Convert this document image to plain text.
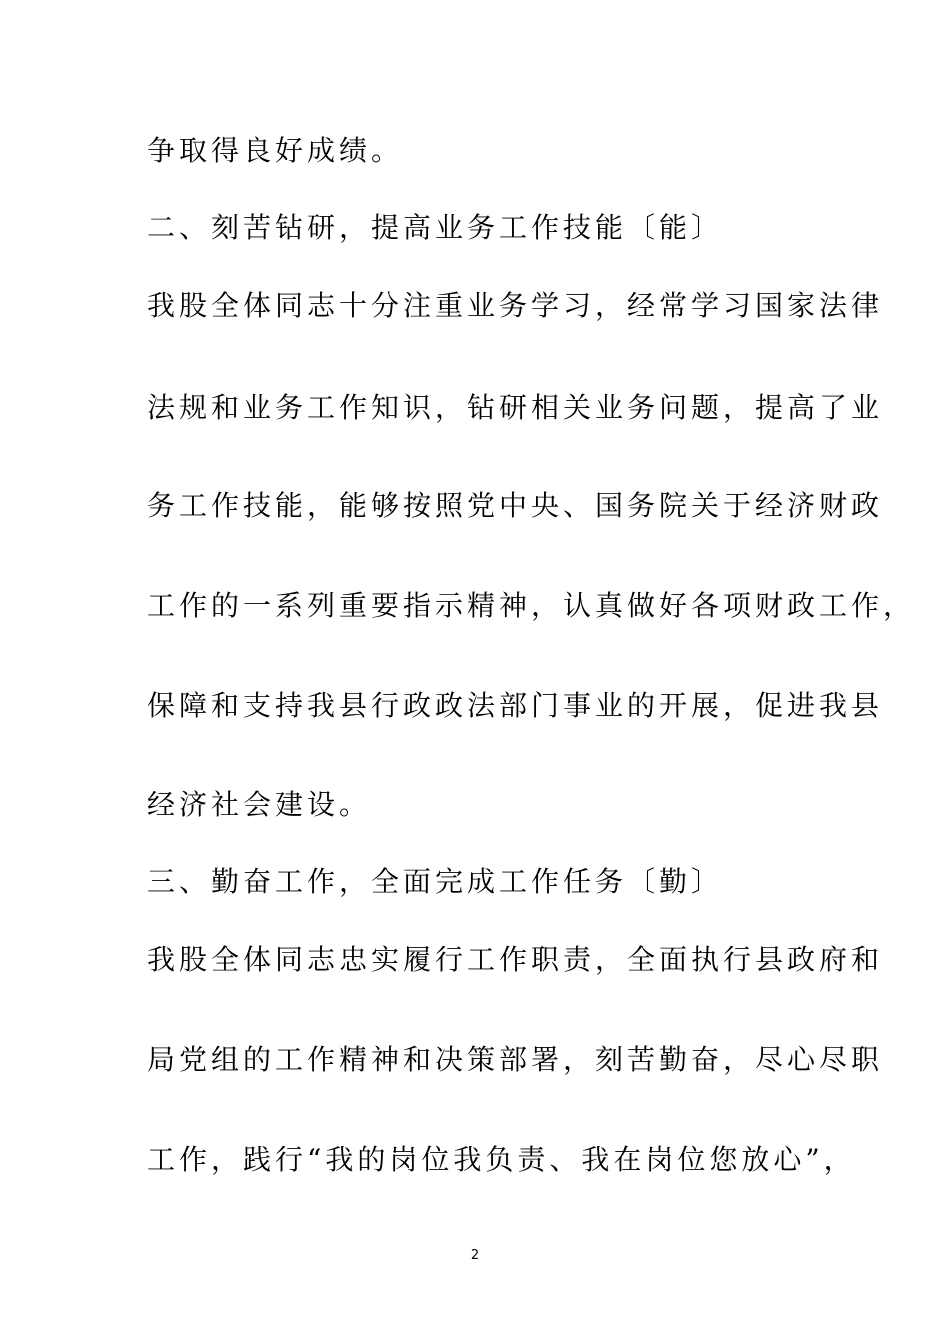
争取得良好成绩。
二、刻苦钻研，提高业务工作技能〔能〕
我股全体同志十分注重业务学习，经常学习国家法律
法规和业务工作知识，钻研相关业务问题，提高了业
务工作技能，能够按照党中央、国务院关于经济财政
工作的一系列重要指示精神，认真做好各项财政工作，
保障和支持我县行政政法部门事业的开展，促进我县
经济社会建设。
三、勤奋工作，全面完成工作任务〔勤〕
我股全体同志忠实履行工作职责，全面执行县政府和
局党组的工作精神和决策部署，刻苦勤奋，尽心尽职
工作，践行“我的岗位我负责、我在岗位您放心”，
2
